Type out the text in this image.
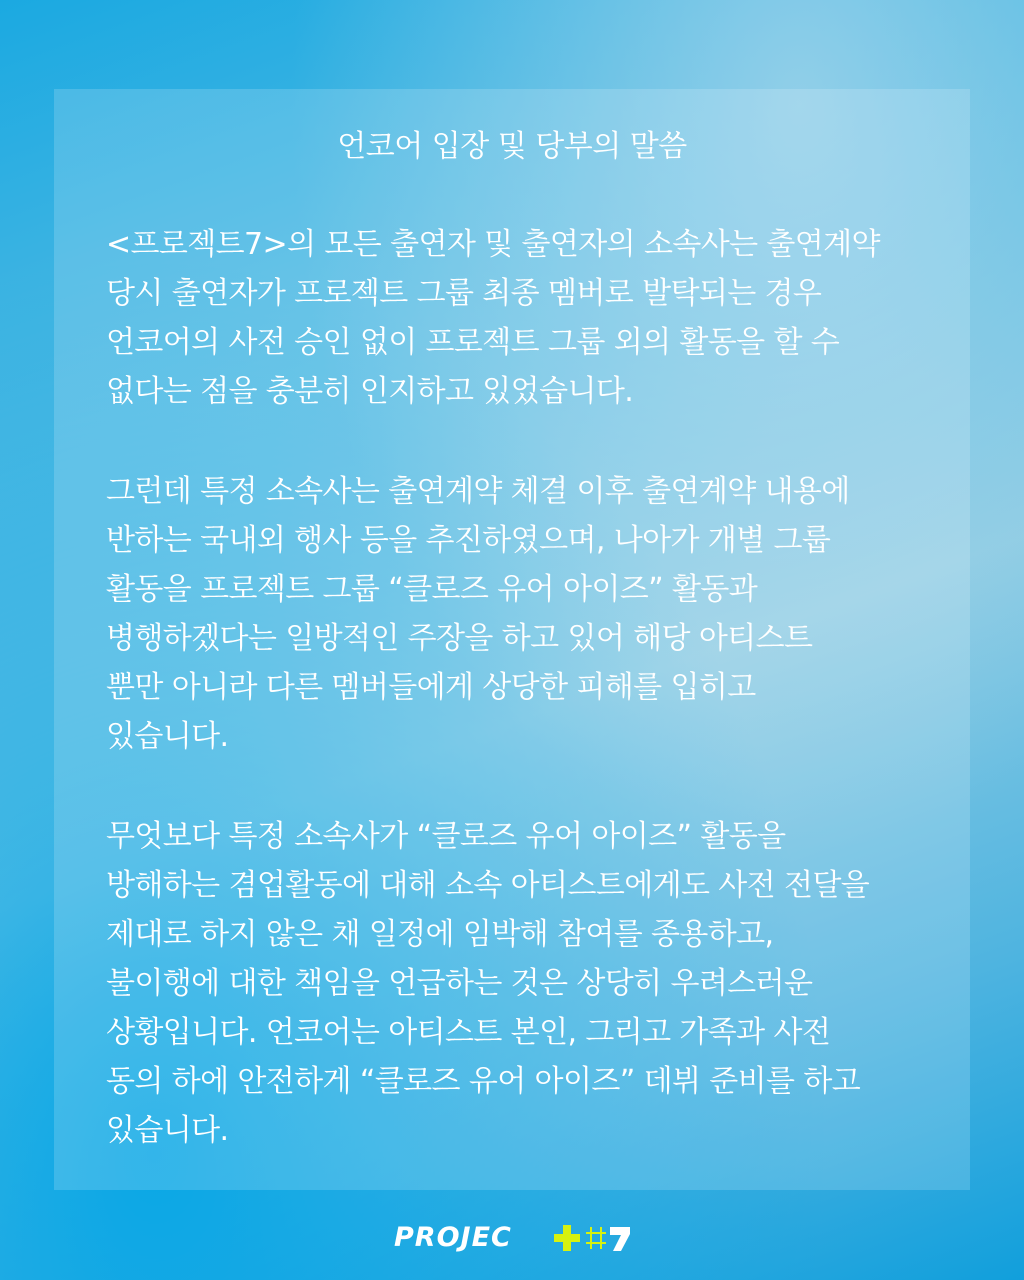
언코어 입장 및 당부의 말씀
<프로젝트7>의 모든 출연자 및 출연자의 소속사는 출연계약
당시 출연자가 프로젝트 그룹 최종 멤버로 발탁되는 경우
언코어의 사전 승인 없이 프로젝트 그룹 외의 활동을 할 수
없다는 점을 충분히 인지하고 있었습니다.
그런데 특정 소속사는 출연계약 체결 이후 출연계약 내용에
반하는 국내외 행사 등을 추진하였으며, 나아가 개별 그룹
활동을 프로젝트 그룹 “클로즈 유어 아이즈” 활동과
병행하겠다는 일방적인 주장을 하고 있어 해당 아티스트
뿐만 아니라 다른 멤버들에게 상당한 피해를 입히고
있습니다.
무엇보다 특정 소속사가 “클로즈 유어 아이즈” 활동을
방해하는 겸업활동에 대해 소속 아티스트에게도 사전 전달을
제대로 하지 않은 채 일정에 임박해 참여를 종용하고,
불이행에 대한 책임을 언급하는 것은 상당히 우려스러운
상황입니다. 언코어는 아티스트 본인, 그리고 가족과 사전
동의 하에 안전하게 “클로즈 유어 아이즈” 데뷔 준비를 하고
있습니다.
PROJEC
